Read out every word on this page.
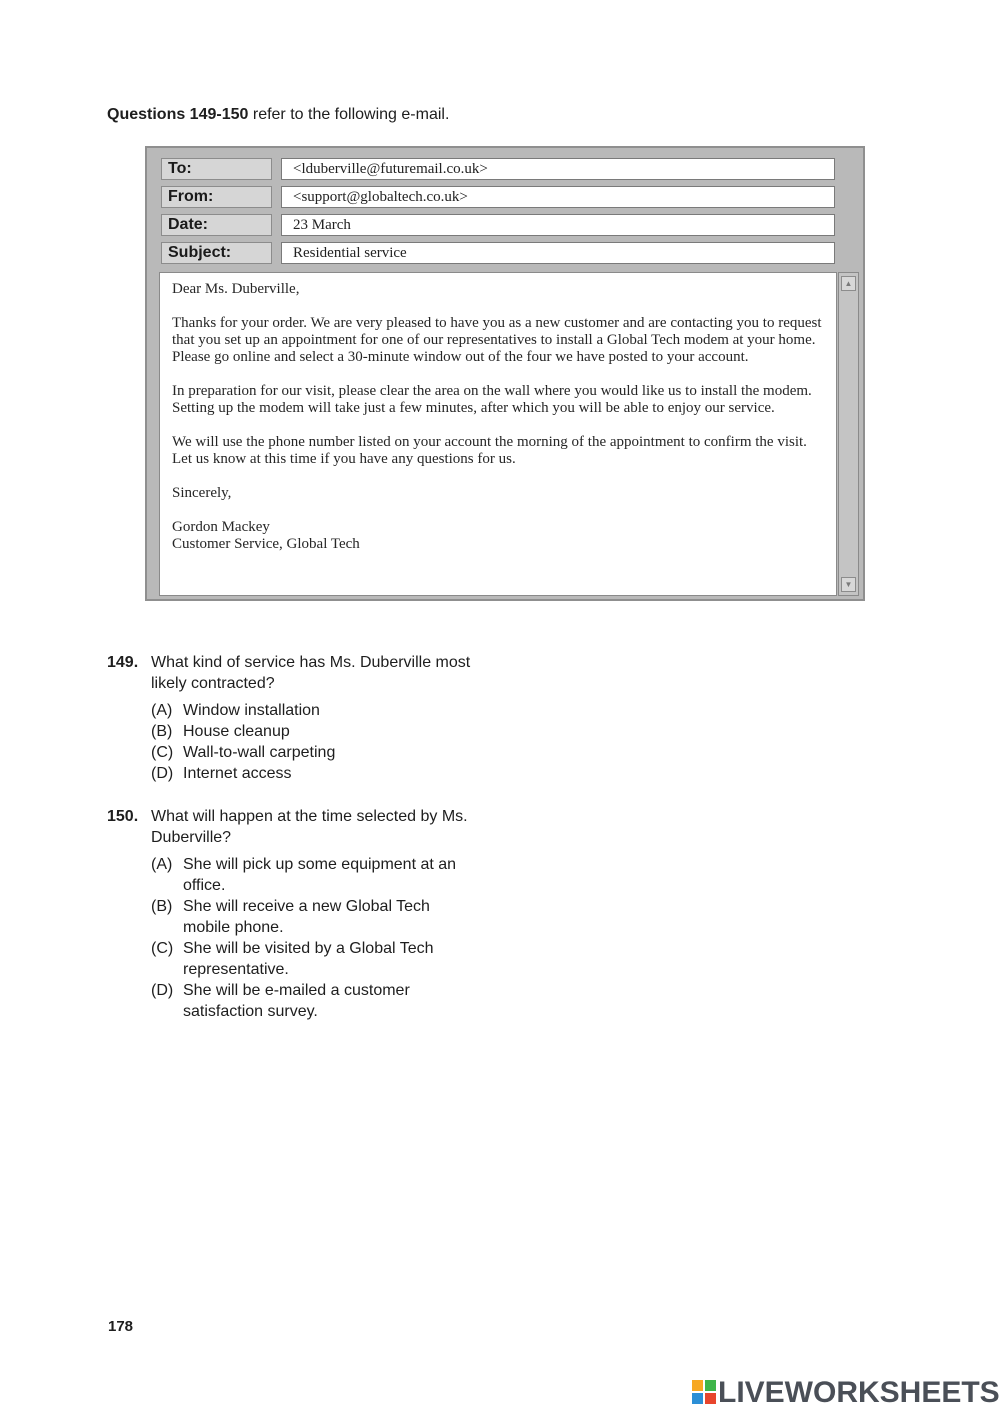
Questions 149-150 refer to the following e-mail.
To:	<lduberville@futuremail.co.uk>
From:	<support@globaltech.co.uk>
Date:	23 March
Subject:	Residential service

Dear Ms. Duberville,

Thanks for your order. We are very pleased to have you as a new customer and are contacting you to request that you set up an appointment for one of our representatives to install a Global Tech modem at your home. Please go online and select a 30-minute window out of the four we have posted to your account.

In preparation for our visit, please clear the area on the wall where you would like us to install the modem. Setting up the modem will take just a few minutes, after which you will be able to enjoy our service.

We will use the phone number listed on your account the morning of the appointment to confirm the visit. Let us know at this time if you have any questions for us.

Sincerely,

Gordon Mackey

Customer Service, Global Tech

▲
▼
149. What kind of service has Ms. Duberville most likely contracted?
(A) Window installation
(B) House cleanup
(C) Wall-to-wall carpeting
(D) Internet access
150. What will happen at the time selected by Ms. Duberville?
(A) She will pick up some equipment at an office.
(B) She will receive a new Global Tech mobile phone.
(C) She will be visited by a Global Tech representative.
(D) She will be e-mailed a customer satisfaction survey.
178
LIVEWORKSHEETS
